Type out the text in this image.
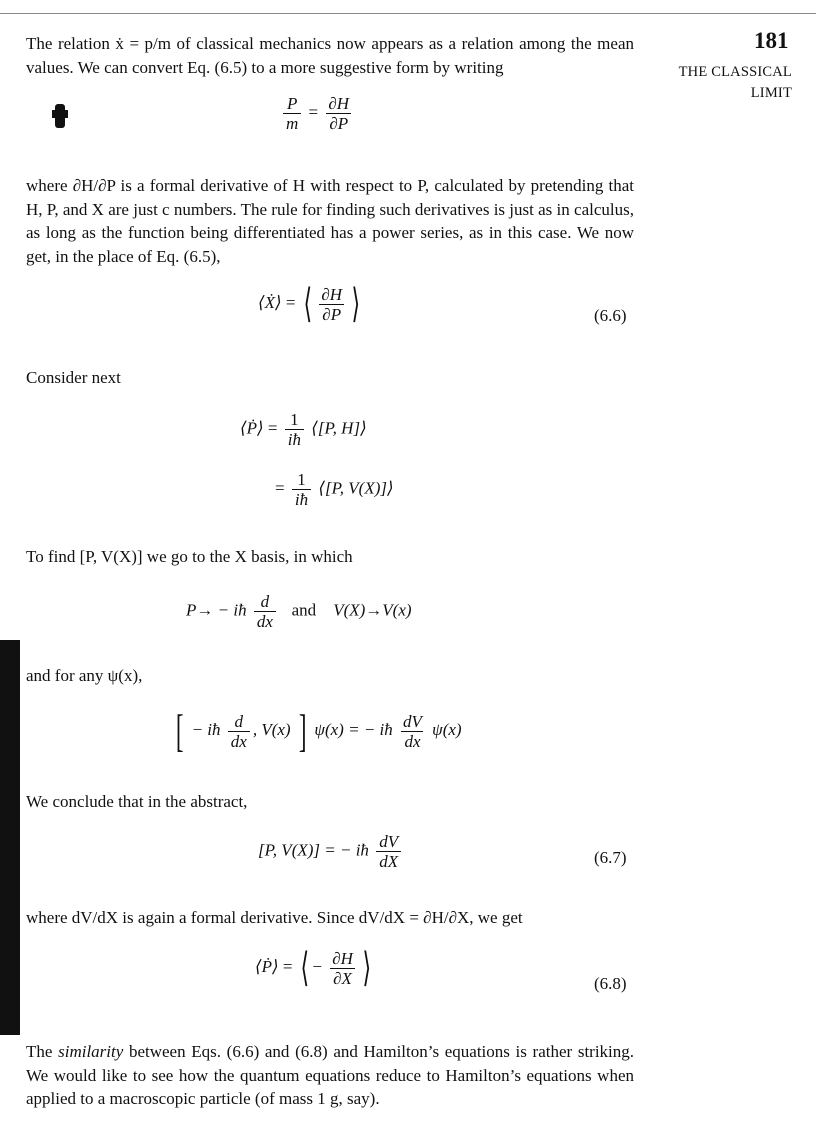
181
THE CLASSICAL
LIMIT

The relation ẋ = p/m of classical mechanics now appears as a relation among the mean values. We can convert Eq. (6.5) to a more suggestive form by writing

$\frac{P}{m} = \frac{\partial H}{\partial P}$

where ∂H/∂P is a formal derivative of H with respect to P, calculated by pretending that H, P, and X are just c numbers. The rule for finding such derivatives is just as in calculus, as long as the function being differentiated has a power series, as in this case. We now get, in the place of Eq. (6.5),

⟨Ẋ⟩ = ⟨ $\frac{\partial H}{\partial P}$ ⟩	(6.6)

Consider next

⟨Ṗ⟩ = $\frac{1}{iħ}$ ⟨[P, H]⟩
= $\frac{1}{iħ}$ ⟨[P, V(X)]⟩

To find [P, V(X)] we go to the X basis, in which

P→ − iħ $\frac{d}{dx}$ and V(X)→V(x)

and for any ψ(x),

[ − iħ $\frac{d}{dx}$ , V(x) ] ψ(x) = − iħ $\frac{dV}{dx} \psi(x)$

We conclude that in the abstract,

[P, V(X)] = − iħ $\frac{dV}{dX}$	(6.7)

where dV/dX is again a formal derivative. Since dV/dX = ∂H/∂X, we get

⟨Ṗ⟩ = ⟨ − $\frac{\partial H}{\partial X}$ ⟩	(6.8)

The similarity between Eqs. (6.6) and (6.8) and Hamilton’s equations is rather striking. We would like to see how the quantum equations reduce to Hamilton’s equations when applied to a macroscopic particle (of mass 1 g, say).
